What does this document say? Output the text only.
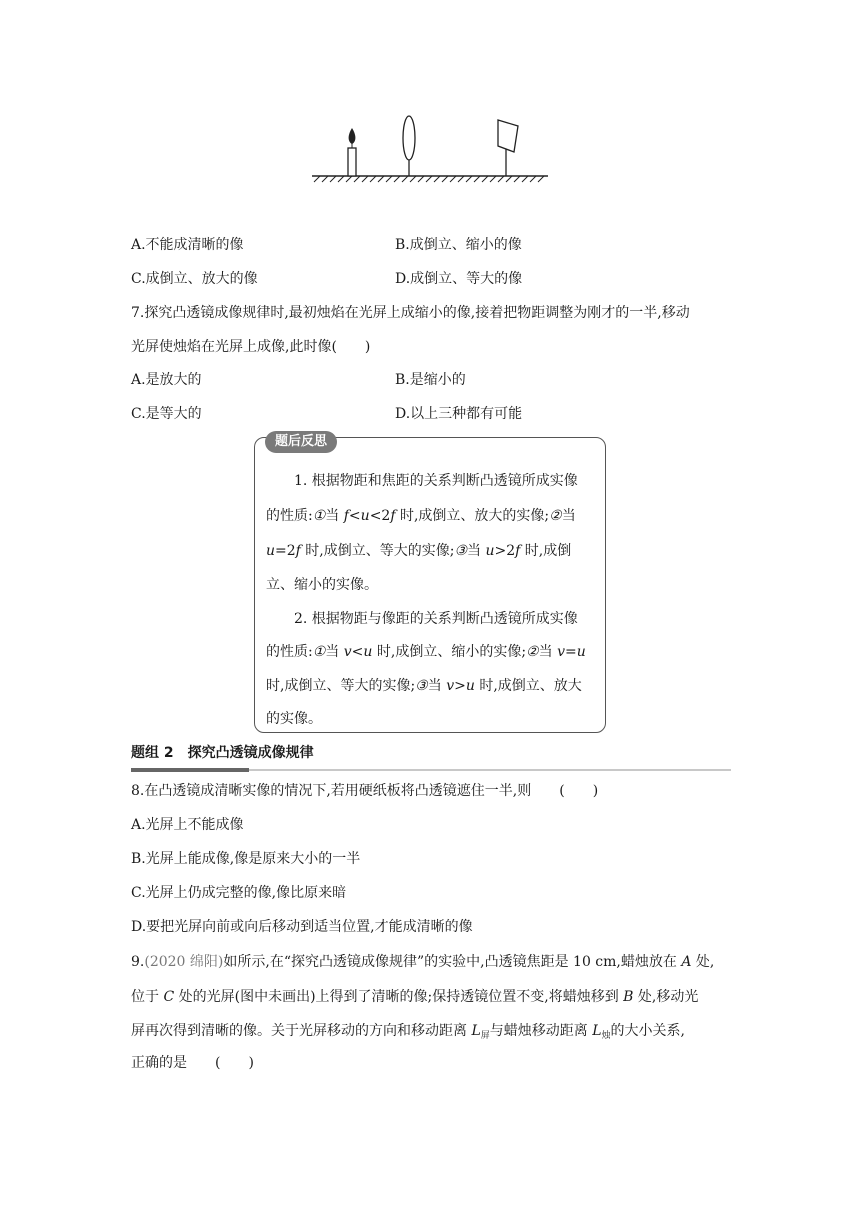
A.不能成清晰的像	B.成倒立、缩小的像
C.成倒立、放大的像	D.成倒立、等大的像
7.探究凸透镜成像规律时,最初烛焰在光屏上成缩小的像,接着把物距调整为刚才的一半,移动
光屏使烛焰在光屏上成像,此时像(　　)
A.是放大的	B.是缩小的
C.是等大的	D.以上三种都有可能
题后反思
1. 根据物距和焦距的关系判断凸透镜所成实像
的性质:①当 f<u<2f 时,成倒立、放大的实像;②当
u=2f 时,成倒立、等大的实像;③当 u>2f 时,成倒
立、缩小的实像。
2. 根据物距与像距的关系判断凸透镜所成实像
的性质:①当 v<u 时,成倒立、缩小的实像;②当 v=u
时,成倒立、等大的实像;③当 v>u 时,成倒立、放大
的实像。
题组 2　探究凸透镜成像规律
8.在凸透镜成清晰实像的情况下,若用硬纸板将凸透镜遮住一半,则　　(　　)
A.光屏上不能成像
B.光屏上能成像,像是原来大小的一半
C.光屏上仍成完整的像,像比原来暗
D.要把光屏向前或向后移动到适当位置,才能成清晰的像
9.(2020 绵阳)如所示,在“探究凸透镜成像规律”的实验中,凸透镜焦距是 10 cm,蜡烛放在 A 处,
位于 C 处的光屏(图中未画出)上得到了清晰的像;保持透镜位置不变,将蜡烛移到 B 处,移动光
屏再次得到清晰的像。关于光屏移动的方向和移动距离 $L_屏$与蜡烛移动距离 $L_烛$的大小关系,
正确的是　　(　　)
